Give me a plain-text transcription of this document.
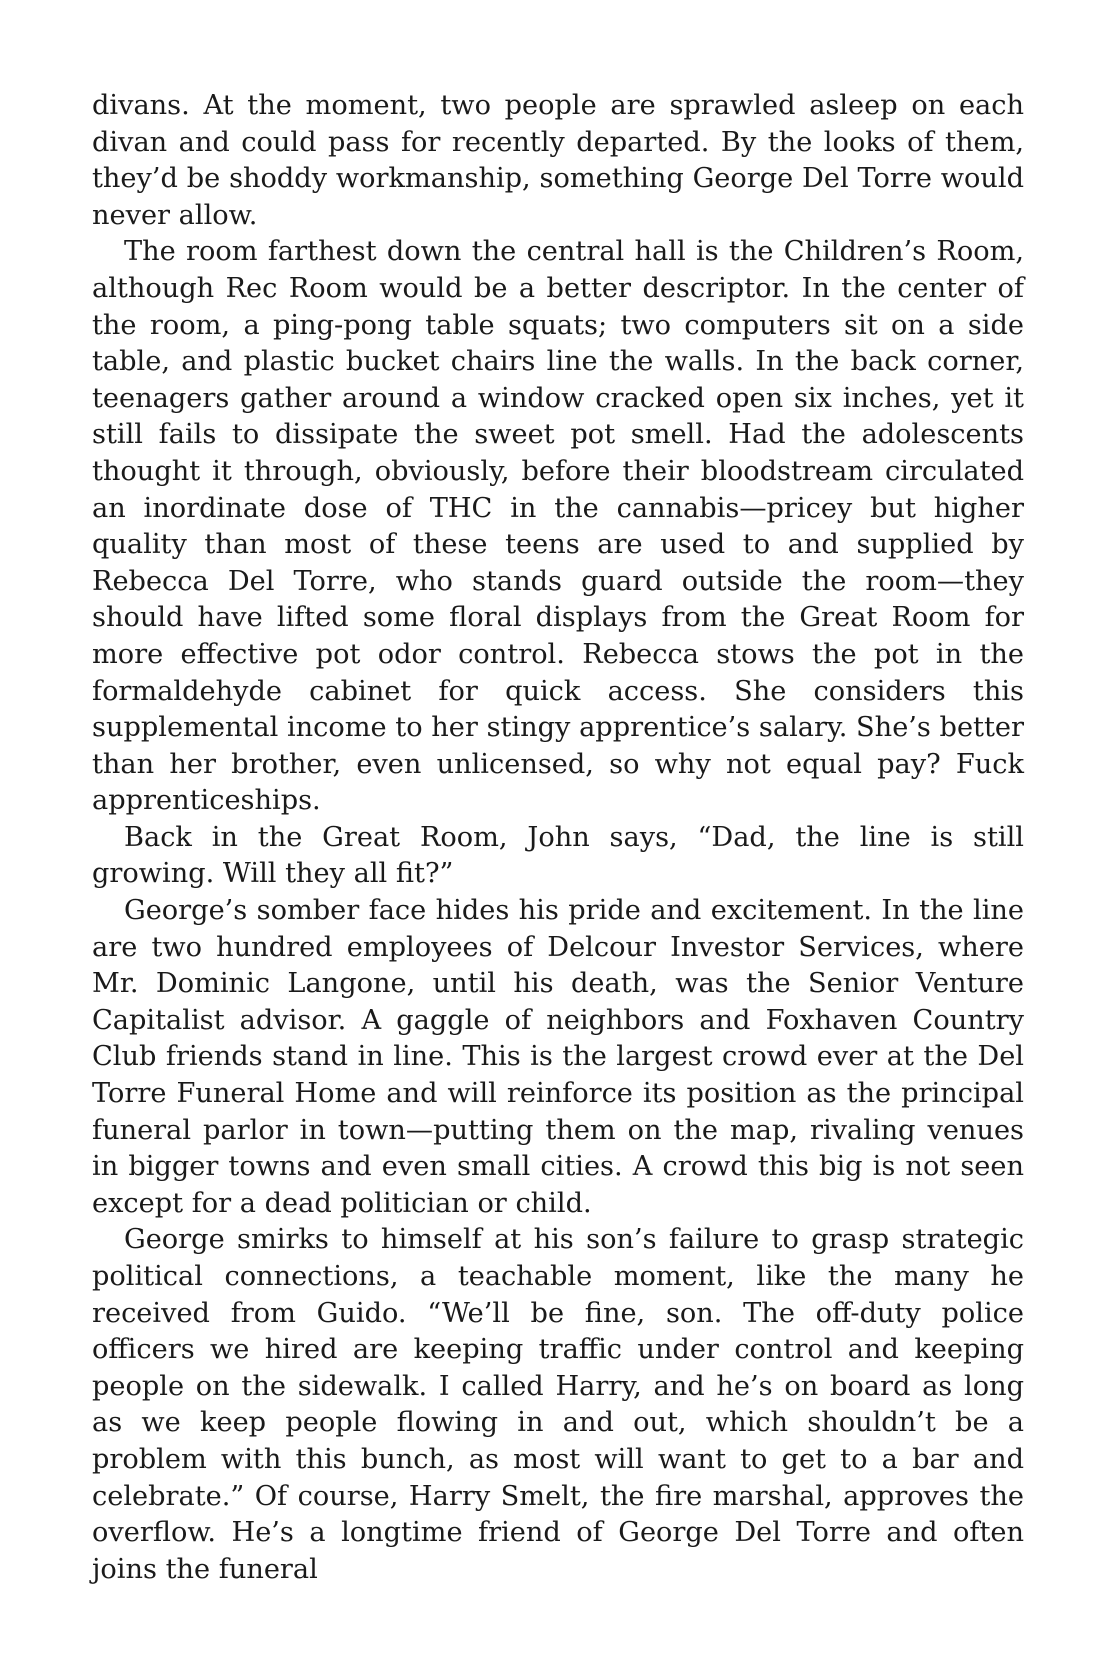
divans. At the moment, two people are sprawled asleep on each divan and could pass for recently departed. By the looks of them, they’d be shoddy workmanship, something George Del Torre would never allow.

The room farthest down the central hall is the Children’s Room, although Rec Room would be a better descriptor. In the center of the room, a ping-pong table squats; two computers sit on a side table, and plastic bucket chairs line the walls. In the back corner, teenagers gather around a window cracked open six inches, yet it still fails to dissipate the sweet pot smell. Had the adolescents thought it through, obviously, before their bloodstream circulated an inordinate dose of THC in the cannabis—pricey but higher quality than most of these teens are used to and supplied by Rebecca Del Torre, who stands guard outside the room—they should have lifted some floral displays from the Great Room for more effective pot odor control. Rebecca stows the pot in the formaldehyde cabinet for quick access. She considers this supplemental income to her stingy apprentice’s salary. She’s better than her brother, even unlicensed, so why not equal pay? Fuck apprenticeships.

Back in the Great Room, John says, “Dad, the line is still growing. Will they all fit?”

George’s somber face hides his pride and excitement. In the line are two hundred employees of Delcour Investor Services, where Mr. Dominic Langone, until his death, was the Senior Venture Capitalist advisor. A gaggle of neighbors and Foxhaven Country Club friends stand in line. This is the largest crowd ever at the Del Torre Funeral Home and will reinforce its position as the principal funeral parlor in town—putting them on the map, rivaling venues in bigger towns and even small cities. A crowd this big is not seen except for a dead politician or child.

George smirks to himself at his son’s failure to grasp strategic political connections, a teachable moment, like the many he received from Guido. “We’ll be fine, son. The off-duty police officers we hired are keeping traffic under control and keeping people on the sidewalk. I called Harry, and he’s on board as long as we keep people flowing in and out, which shouldn’t be a problem with this bunch, as most will want to get to a bar and celebrate.” Of course, Harry Smelt, the fire marshal, approves the overflow. He’s a longtime friend of George Del Torre and often joins the funeral
